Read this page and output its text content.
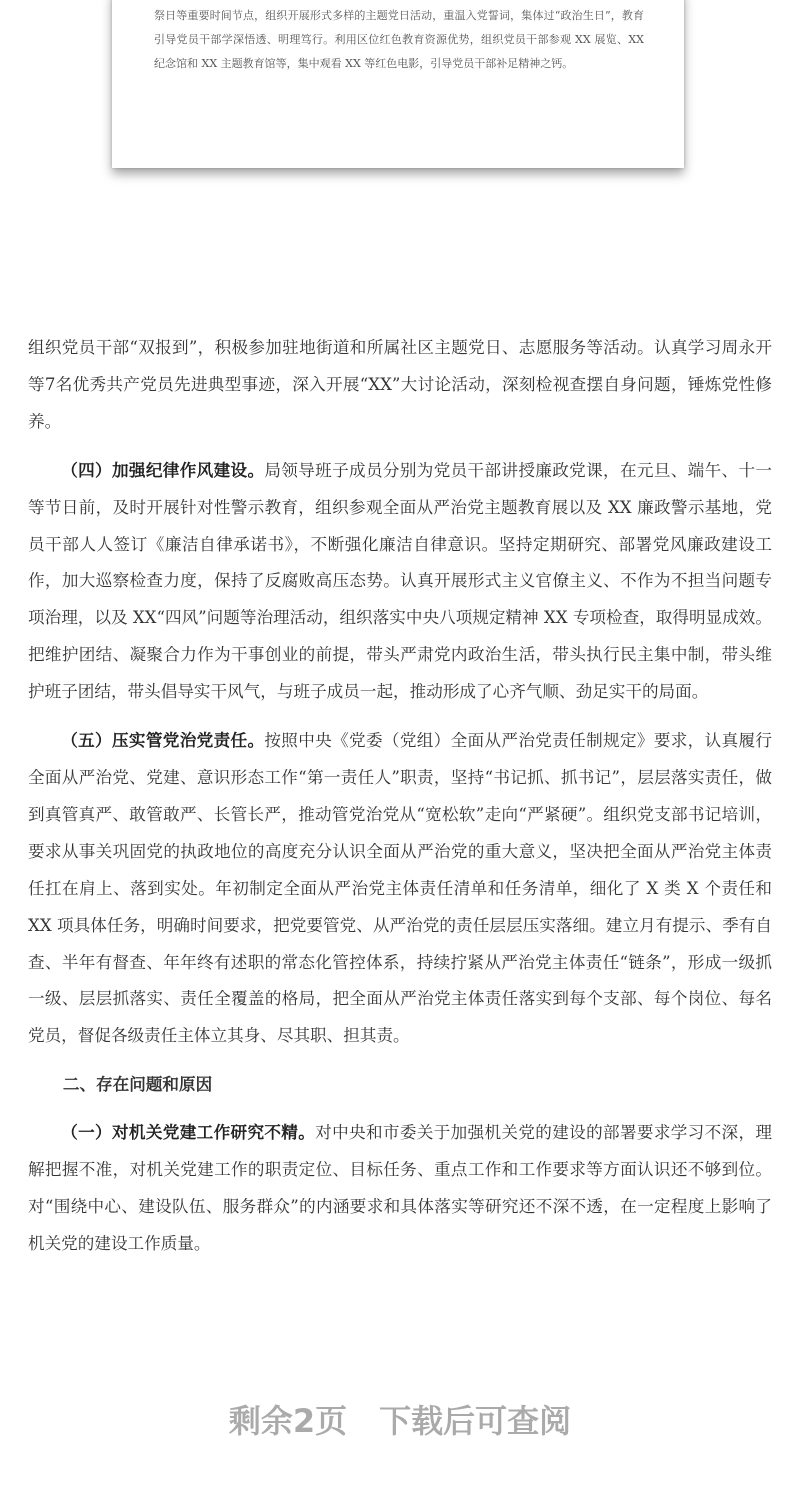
祭日等重要时间节点，组织开展形式多样的主题党日活动，重温入党誓词，集体过“政治生日”，教育引导党员干部学深悟透、明理笃行。利用区位红色教育资源优势，组织党员干部参观 XX 展览、XX 纪念馆和 XX 主题教育馆等，集中观看 XX 等红色电影，引导党员干部补足精神之钙。

组织党员干部“双报到”，积极参加驻地街道和所属社区主题党日、志愿服务等活动。认真学习周永开等7名优秀共产党员先进典型事迹，深入开展“XX”大讨论活动，深刻检视查摆自身问题，锤炼党性修养。

（四）加强纪律作风建设。局领导班子成员分别为党员干部讲授廉政党课，在元旦、端午、十一等节日前，及时开展针对性警示教育，组织参观全面从严治党主题教育展以及 XX 廉政警示基地，党员干部人人签订《廉洁自律承诺书》，不断强化廉洁自律意识。坚持定期研究、部署党风廉政建设工作，加大巡察检查力度，保持了反腐败高压态势。认真开展形式主义官僚主义、不作为不担当问题专项治理，以及 XX“四风”问题等治理活动，组织落实中央八项规定精神 XX 专项检查，取得明显成效。把维护团结、凝聚合力作为干事创业的前提，带头严肃党内政治生活，带头执行民主集中制，带头维护班子团结，带头倡导实干风气，与班子成员一起，推动形成了心齐气顺、劲足实干的局面。

（五）压实管党治党责任。按照中央《党委（党组）全面从严治党责任制规定》要求，认真履行全面从严治党、党建、意识形态工作“第一责任人”职责，坚持“书记抓、抓书记”，层层落实责任，做到真管真严、敢管敢严、长管长严，推动管党治党从“宽松软”走向“严紧硬”。组织党支部书记培训，要求从事关巩固党的执政地位的高度充分认识全面从严治党的重大意义，坚决把全面从严治党主体责任扛在肩上、落到实处。年初制定全面从严治党主体责任清单和任务清单，细化了 X 类 X 个责任和 XX 项具体任务，明确时间要求，把党要管党、从严治党的责任层层压实落细。建立月有提示、季有自查、半年有督查、年年终有述职的常态化管控体系，持续拧紧从严治党主体责任“链条”，形成一级抓一级、层层抓落实、责任全覆盖的格局，把全面从严治党主体责任落实到每个支部、每个岗位、每名党员，督促各级责任主体立其身、尽其职、担其责。

二、存在问题和原因

（一）对机关党建工作研究不精。对中央和市委关于加强机关党的建设的部署要求学习不深，理解把握不准，对机关党建工作的职责定位、目标任务、重点工作和工作要求等方面认识还不够到位。对“围绕中心、建设队伍、服务群众”的内涵要求和具体落实等研究还不深不透，在一定程度上影响了机关党的建设工作质量。

剩余2页 下载后可查阅
